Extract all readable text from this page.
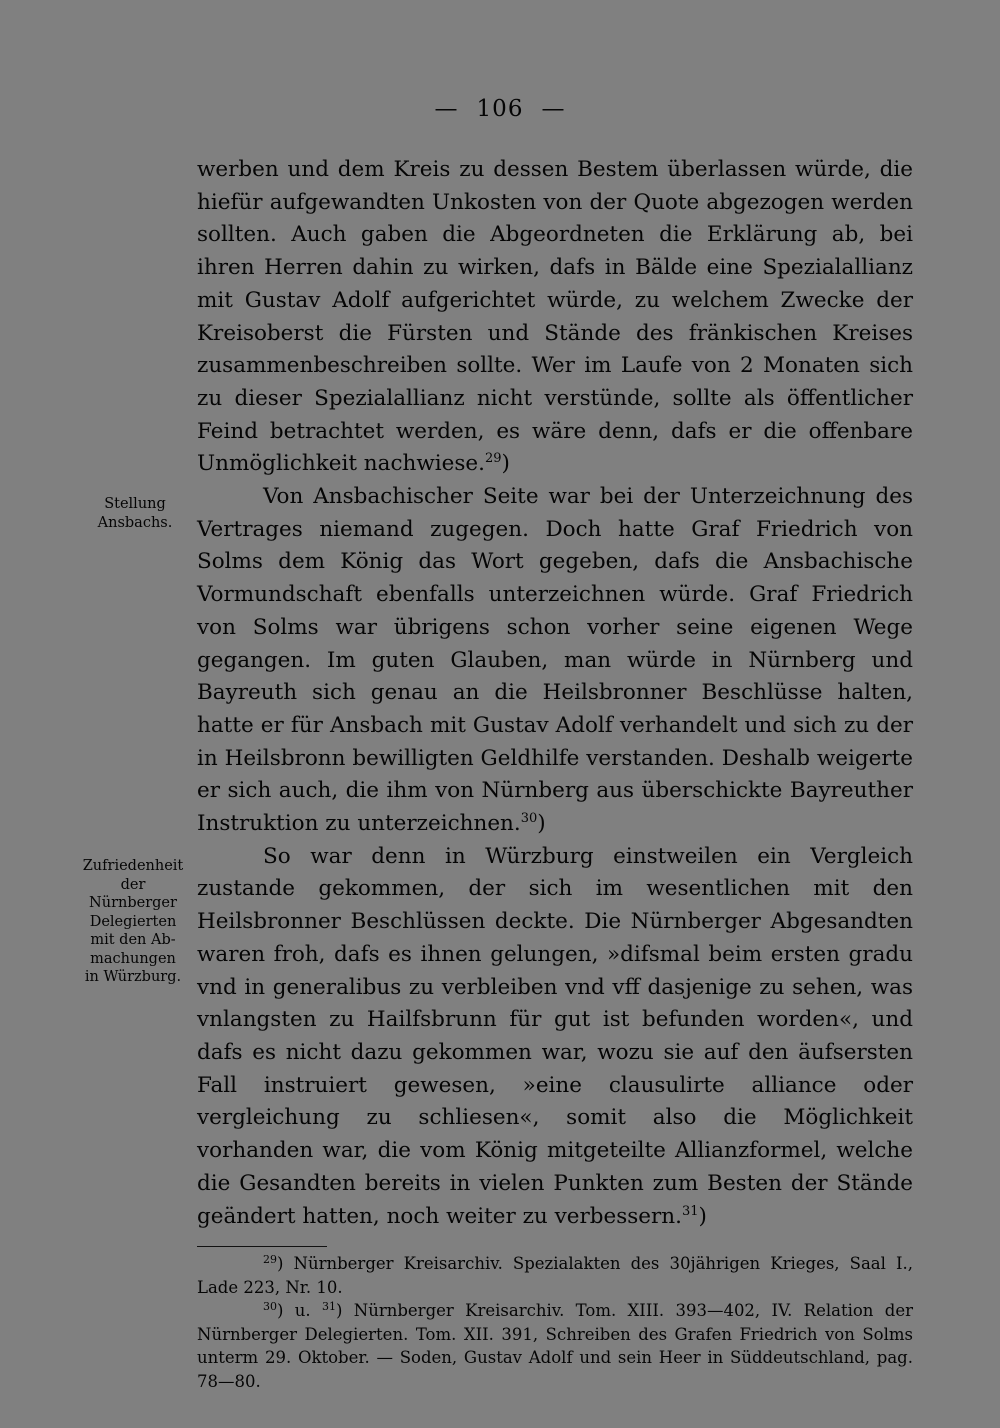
— 106 —
Stellung
Ansbachs.
Zufriedenheit
der
Nürnberger
Delegierten
mit den Ab-
machungen
in Würzburg.

werben und dem Kreis zu dessen Bestem überlassen würde, die hiefür aufgewandten Unkosten von der Quote abgezogen werden sollten. Auch gaben die Abgeordneten die Erklärung ab, bei ihren Herren dahin zu wirken, dafs in Bälde eine Spezialallianz mit Gustav Adolf aufgerichtet würde, zu welchem Zwecke der Kreisoberst die Fürsten und Stände des fränkischen Kreises zusammenbeschreiben sollte. Wer im Laufe von 2 Monaten sich zu dieser Spezialallianz nicht verstünde, sollte als öffentlicher Feind betrachtet werden, es wäre denn, dafs er die offenbare Unmöglichkeit nachwiese.$^{29}$)

Von Ansbachischer Seite war bei der Unterzeichnung des Vertrages niemand zugegen. Doch hatte Graf Friedrich von Solms dem König das Wort gegeben, dafs die Ansbachische Vormundschaft ebenfalls unterzeichnen würde. Graf Friedrich von Solms war übrigens schon vorher seine eigenen Wege gegangen. Im guten Glauben, man würde in Nürnberg und Bayreuth sich genau an die Heilsbronner Beschlüsse halten, hatte er für Ansbach mit Gustav Adolf verhandelt und sich zu der in Heilsbronn bewilligten Geldhilfe verstanden. Deshalb weigerte er sich auch, die ihm von Nürnberg aus überschickte Bayreuther Instruktion zu unterzeichnen.$^{30}$)

So war denn in Würzburg einstweilen ein Vergleich zustande gekommen, der sich im wesentlichen mit den Heilsbronner Beschlüssen deckte. Die Nürnberger Abgesandten waren froh, dafs es ihnen gelungen, »difsmal beim ersten gradu vnd in generalibus zu verbleiben vnd vff dasjenige zu sehen, was vnlangsten zu Hailfsbrunn für gut ist befunden worden«, und dafs es nicht dazu gekommen war, wozu sie auf den äufsersten Fall instruiert gewesen, »eine clausulirte alliance oder vergleichung zu schliesen«, somit also die Möglichkeit vorhanden war, die vom König mitgeteilte Allianzformel, welche die Gesandten bereits in vielen Punkten zum Besten der Stände geändert hatten, noch weiter zu verbessern.$^{31}$)

$^{29}$) Nürnberger Kreisarchiv. Spezialakten des 30jährigen Krieges, Saal I., Lade 223, Nr. 10.

$^{30}$) u. $^{31}$) Nürnberger Kreisarchiv. Tom. XIII. 393—402, IV. Relation der Nürnberger Delegierten. Tom. XII. 391, Schreiben des Grafen Friedrich von Solms unterm 29. Oktober. — Soden, Gustav Adolf und sein Heer in Süddeutschland, pag. 78—80.
